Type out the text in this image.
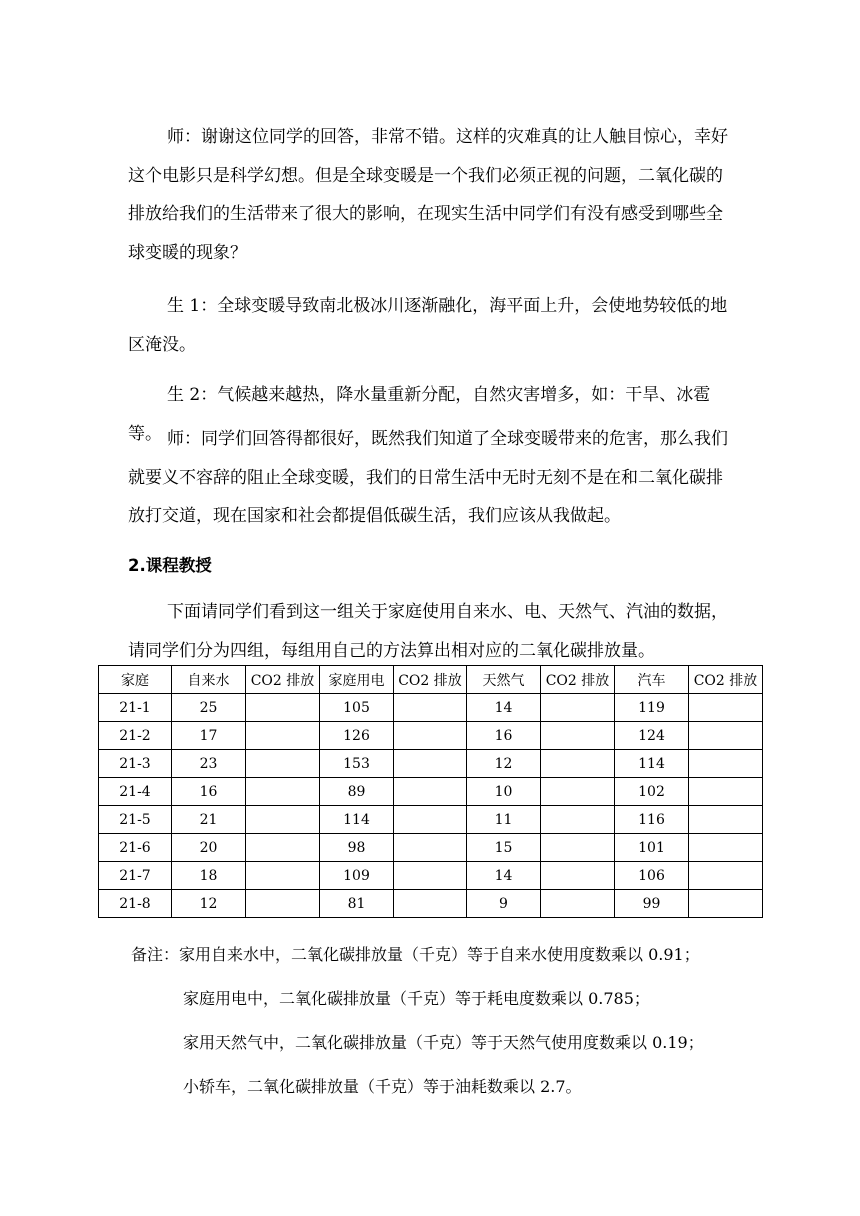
师：谢谢这位同学的回答，非常不错。这样的灾难真的让人触目惊心，幸好这个电影只是科学幻想。但是全球变暖是一个我们必须正视的问题，二氧化碳的排放给我们的生活带来了很大的影响，在现实生活中同学们有没有感受到哪些全球变暖的现象？

生 1：全球变暖导致南北极冰川逐渐融化，海平面上升，会使地势较低的地区淹没。

生 2：气候越来越热，降水量重新分配，自然灾害增多，如：干旱、冰雹等。 师：同学们回答得都很好，既然我们知道了全球变暖带来的危害，那么我们就要义不容辞的阻止全球变暖，我们的日常生活中无时无刻不是在和二氧化碳排放打交道，现在国家和社会都提倡低碳生活，我们应该从我做起。

2.课程教授

下面请同学们看到这一组关于家庭使用自来水、电、天然气、汽油的数据，请同学们分为四组，每组用自己的方法算出相对应的二氧化碳排放量。

家庭	自来水	CO2 排放	家庭用电	CO2 排放	天然气	CO2 排放	汽车	CO2 排放
21-1	25		105		14		119	
21-2	17		126		16		124	
21-3	23		153		12		114	
21-4	16		89		10		102	
21-5	21		114		11		116	
21-6	20		98		15		101	
21-7	18		109		14		106	
21-8	12		81		9		99	

备注：家用自来水中，二氧化碳排放量（千克）等于自来水使用度数乘以 0.91；

家庭用电中，二氧化碳排放量（千克）等于耗电度数乘以 0.785；

家用天然气中，二氧化碳排放量（千克）等于天然气使用度数乘以 0.19；

小轿车，二氧化碳排放量（千克）等于油耗数乘以 2.7。
